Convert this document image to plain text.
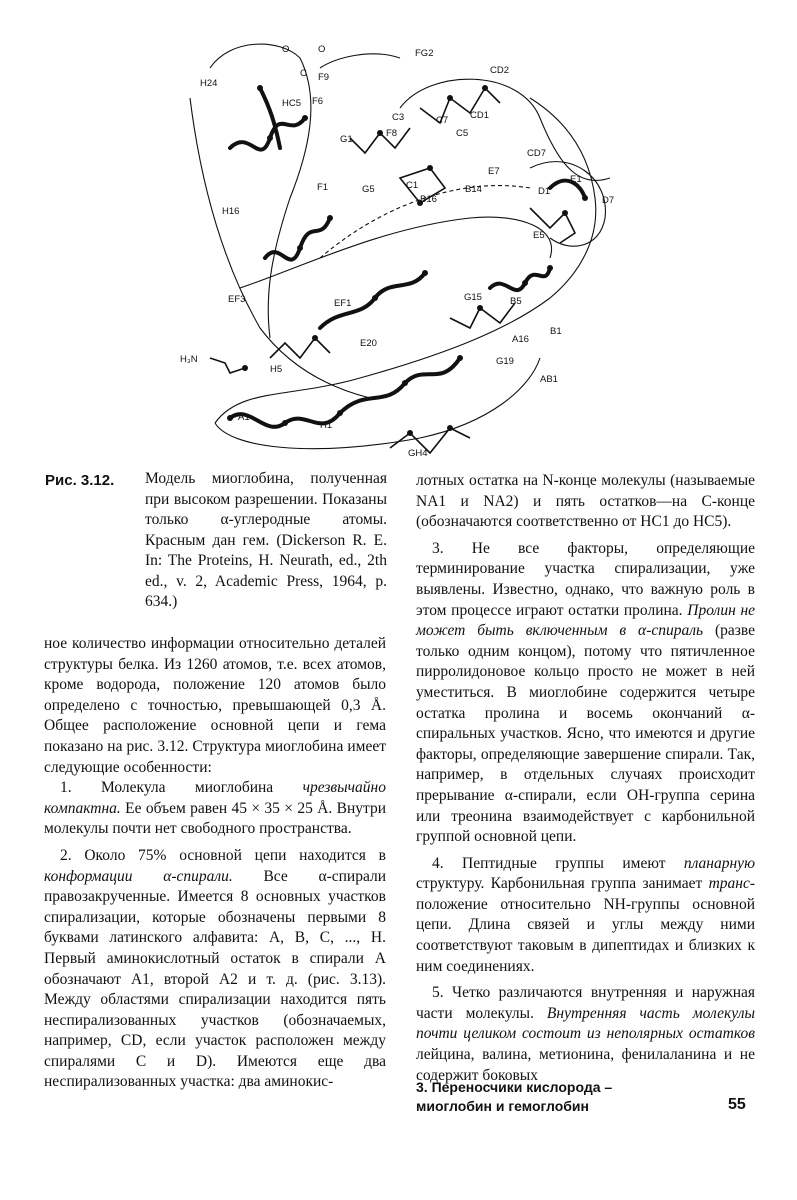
FG2
F9
H24
HC5 F6
C3
F8
C7 CD1
C5
CD2
G1
CD7
F1	G5	C1
E7
B14
B16
D1
E1
D7
H16
E5
EF3	EF1
G15	B5
E20
B1
A16
H5
G19
AB1
A1
H1
GH4
O	O
C
H₃N
Рис. 3.12. Модель миоглобина, полученная при высоком разрешении. Показаны только α-углеродные атомы. Красным дан гем. (Dickerson R. E. In: The Proteins, H. Neurath, ed., 2th ed., v. 2, Academic Press, 1964, p. 634.)

ное количество информации относительно деталей структуры белка. Из 1260 атомов, т.е. всех атомов, кроме водорода, положение 120 атомов было определено с точностью, превышающей 0,3 Å. Общее расположение основной цепи и гема показано на рис. 3.12. Структура миоглобина имеет следующие особенности:

1. Молекула миоглобина чрезвычайно компактна. Ее объем равен 45 × 35 × 25 Å. Внутри молекулы почти нет свободного пространства.

2. Около 75% основной цепи находится в конформации α-спирали. Все α-спирали правозакрученные. Имеется 8 основных участков спирализации, которые обозначены первыми 8 буквами латинского алфавита: A, B, C, ..., H. Первый аминокислотный остаток в спирали A обозначают A1, второй A2 и т. д. (рис. 3.13). Между областями спирализации находится пять неспирализованных участков (обозначаемых, например, CD, если участок расположен между спиралями C и D). Имеются еще два неспирализованных участка: два аминокис-

лотных остатка на N-конце молекулы (называемые NA1 и NA2) и пять остатков—на C-конце (обозначаются соответственно от HC1 до HC5).

3. Не все факторы, определяющие терминирование участка спирализации, уже выявлены. Известно, однако, что важную роль в этом процессе играют остатки пролина. Пролин не может быть включенным в α-спираль (разве только одним концом), потому что пятичленное пирролидоновое кольцо просто не может в ней уместиться. В миоглобине содержится четыре остатка пролина и восемь окончаний α-спиральных участков. Ясно, что имеются и другие факторы, определяющие завершение спирали. Так, например, в отдельных случаях происходит прерывание α-спирали, если OH-группа серина или треонина взаимодействует с карбонильной группой основной цепи.

4. Пептидные группы имеют планарную структуру. Карбонильная группа занимает транс-положение относительно NH-группы основной цепи. Длина связей и углы между ними соответствуют таковым в дипептидах и близких к ним соединениях.

5. Четко различаются внутренняя и наружная части молекулы. Внутренняя часть молекулы почти целиком состоит из неполярных остатков лейцина, валина, метионина, фенилаланина и не содержит боковых

3. Переносчики кислорода –
миоглобин и гемоглобин	55
